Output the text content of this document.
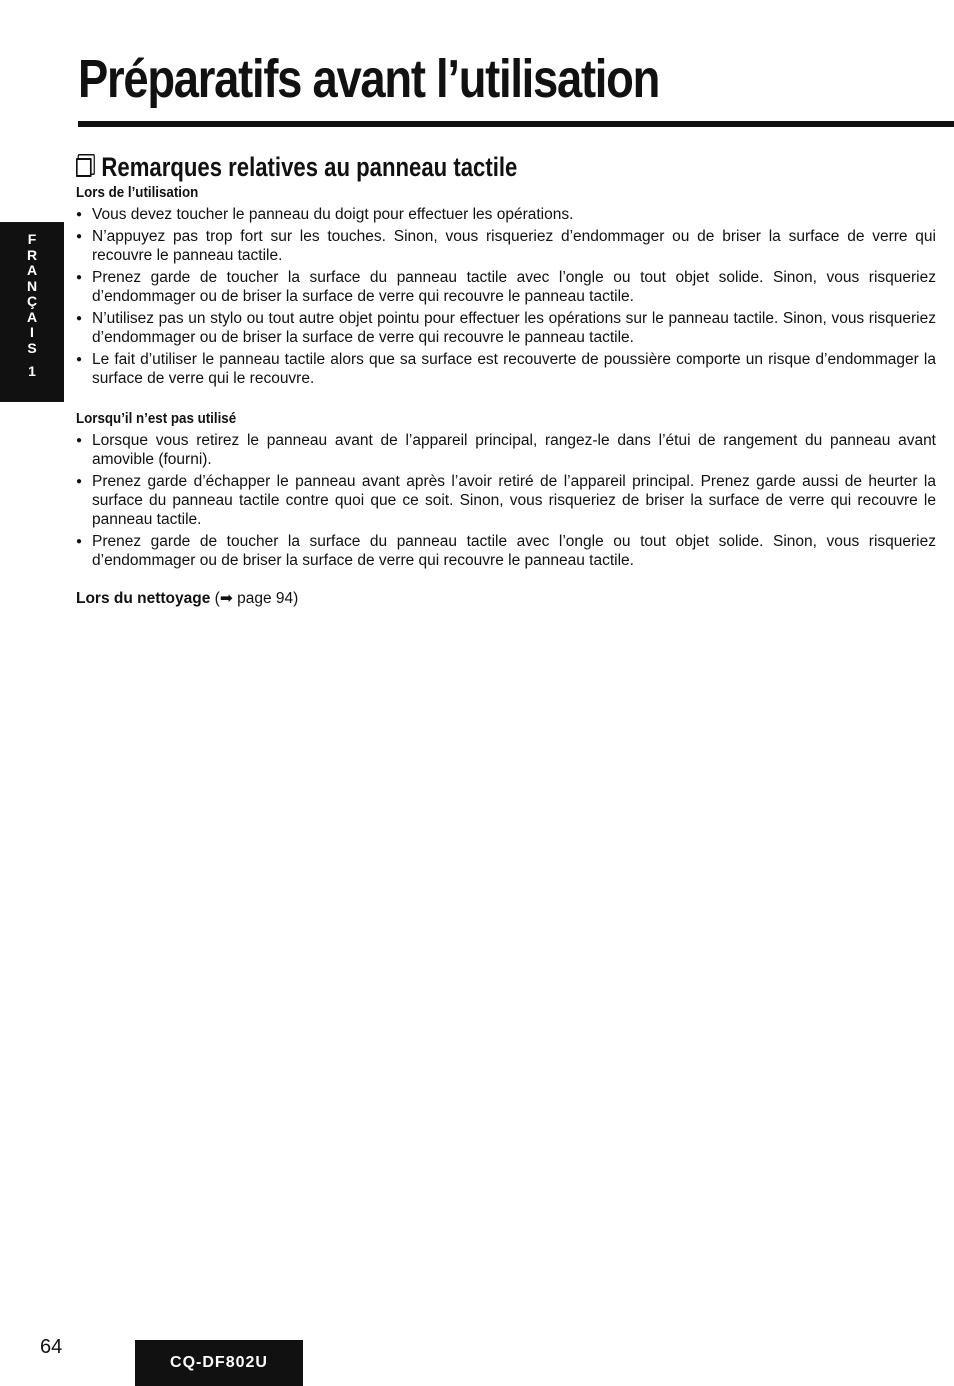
Préparatifs avant l’utilisation
F
R
A
N
Ç
A
I
S
1
Remarques relatives au panneau tactile
Lors de l’utilisation
● Vous devez toucher le panneau du doigt pour effectuer les opérations.
● N’appuyez pas trop fort sur les touches. Sinon, vous risqueriez d’endommager ou de briser la surface de verre qui recouvre le panneau tactile.
● Prenez garde de toucher la surface du panneau tactile avec l’ongle ou tout objet solide. Sinon, vous risqueriez d’endommager ou de briser la surface de verre qui recouvre le panneau tactile.
● N’utilisez pas un stylo ou tout autre objet pointu pour effectuer les opérations sur le panneau tactile. Sinon, vous risqueriez d’endommager ou de briser la surface de verre qui recouvre le panneau tactile.
● Le fait d’utiliser le panneau tactile alors que sa surface est recouverte de poussière comporte un risque d’endommager la surface de verre qui le recouvre.
Lorsqu’il n’est pas utilisé
● Lorsque vous retirez le panneau avant de l’appareil principal, rangez-le dans l’étui de rangement du panneau avant amovible (fourni).
● Prenez garde d’échapper le panneau avant après l’avoir retiré de l’appareil principal. Prenez garde aussi de heurter la surface du panneau tactile contre quoi que ce soit. Sinon, vous risqueriez de briser la surface de verre qui recouvre le panneau tactile.
● Prenez garde de toucher la surface du panneau tactile avec l’ongle ou tout objet solide. Sinon, vous risqueriez d’endommager ou de briser la surface de verre qui recouvre le panneau tactile.
Lors du nettoyage (➡ page 94)
64
CQ-DF802U
